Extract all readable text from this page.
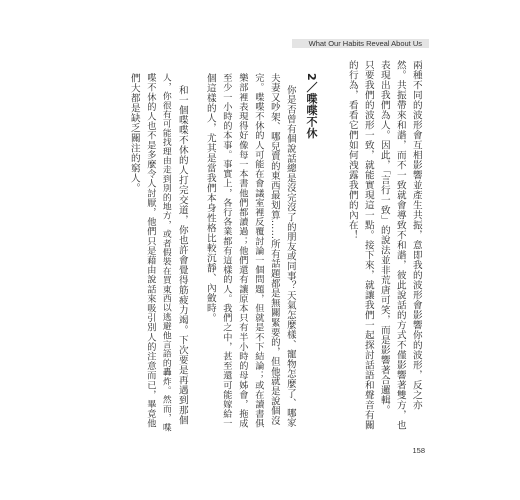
What Our Habits Reveal About Us
兩種不同的波形會互相影響並產生共振，意即我的波形會影響你的波形，反之亦
然。共振帶來和諧，而不一致就會導致不和諧，彼此說話的方式不僅影響著雙方，也
表現出我們為人。因此，「言行一致」的說法並非荒唐可笑，而是影響著合邏輯。
只要我們的波形一致，就能實現這一點。接下來，就讓我們一起探討話語和聲音有關
的行為，看看它們如何洩露我們的內在！
2／喋喋不休
你是否曾有個說話總是沒完沒了的朋友或同事？天氣怎麼樣、寵物怎麼了、哪家
夫妻又吵架、哪兒賣的東西最划算……所有話題都是無關緊要的，但他就是說個沒
完。喋喋不休的人可能在會議室裡反覆討論一個問題，但就是不下結論；或在讀書俱
樂部裡表現得好像每一本書他們都讀過；他們還有讓原本只有半小時的母姊會，拖成
至少一小時的本事。事實上，各行各業都有這樣的人。我們之中，甚至還可能嫁給一
個這樣的人，尤其是當我們本身性格比較沉靜、內斂時。
和一個喋喋不休的人打完交道，你也許會覺得筋疲力竭。下次要是再遇到那個
人，你很有可能找理由走到別的地方，或者假裝在買東西以逃避他言語的轟炸。然而，喋
喋不休的人也不是多麼令人討厭，他們只是藉由說話來吸引別人的注意而已，畢竟他
們大都是缺乏關注的窮人。
158
